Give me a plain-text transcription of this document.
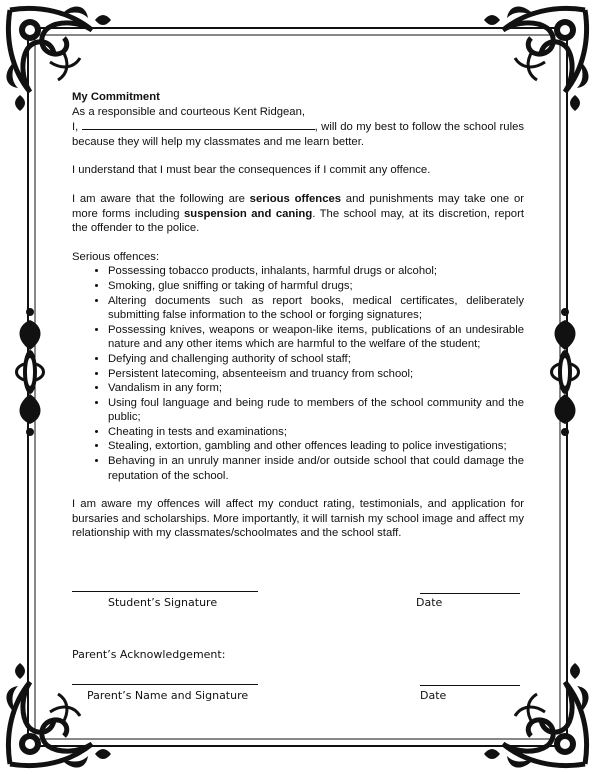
My Commitment

As a responsible and courteous Kent Ridgean,

I,	, will do my best to follow the school rules because they will help my classmates and me learn better.

I understand that I must bear the consequences if I commit any offence.

I am aware that the following are serious offences and punishments may take one or more forms including suspension and caning. The school may, at its discretion, report the offender to the police.

Serious offences:

• Possessing tobacco products, inhalants, harmful drugs or alcohol;
• Smoking, glue sniffing or taking of harmful drugs;
• Altering documents such as report books, medical certificates, deliberately submitting false information to the school or forging signatures;
• Possessing knives, weapons or weapon-like items, publications of an undesirable nature and any other items which are harmful to the welfare of the student;
• Defying and challenging authority of school staff;
• Persistent latecoming, absenteeism and truancy from school;
• Vandalism in any form;
• Using foul language and being rude to members of the school community and the public;
• Cheating in tests and examinations;
• Stealing, extortion, gambling and other offences leading to police investigations;
• Behaving in an unruly manner inside and/or outside school that could damage the reputation of the school.

I am aware my offences will affect my conduct rating, testimonials, and application for bursaries and scholarships. More importantly, it will tarnish my school image and affect my relationship with my classmates/schoolmates and the school staff.

Student’s Signature	Date
Parent’s Acknowledgement:
Parent’s Name and Signature	Date
